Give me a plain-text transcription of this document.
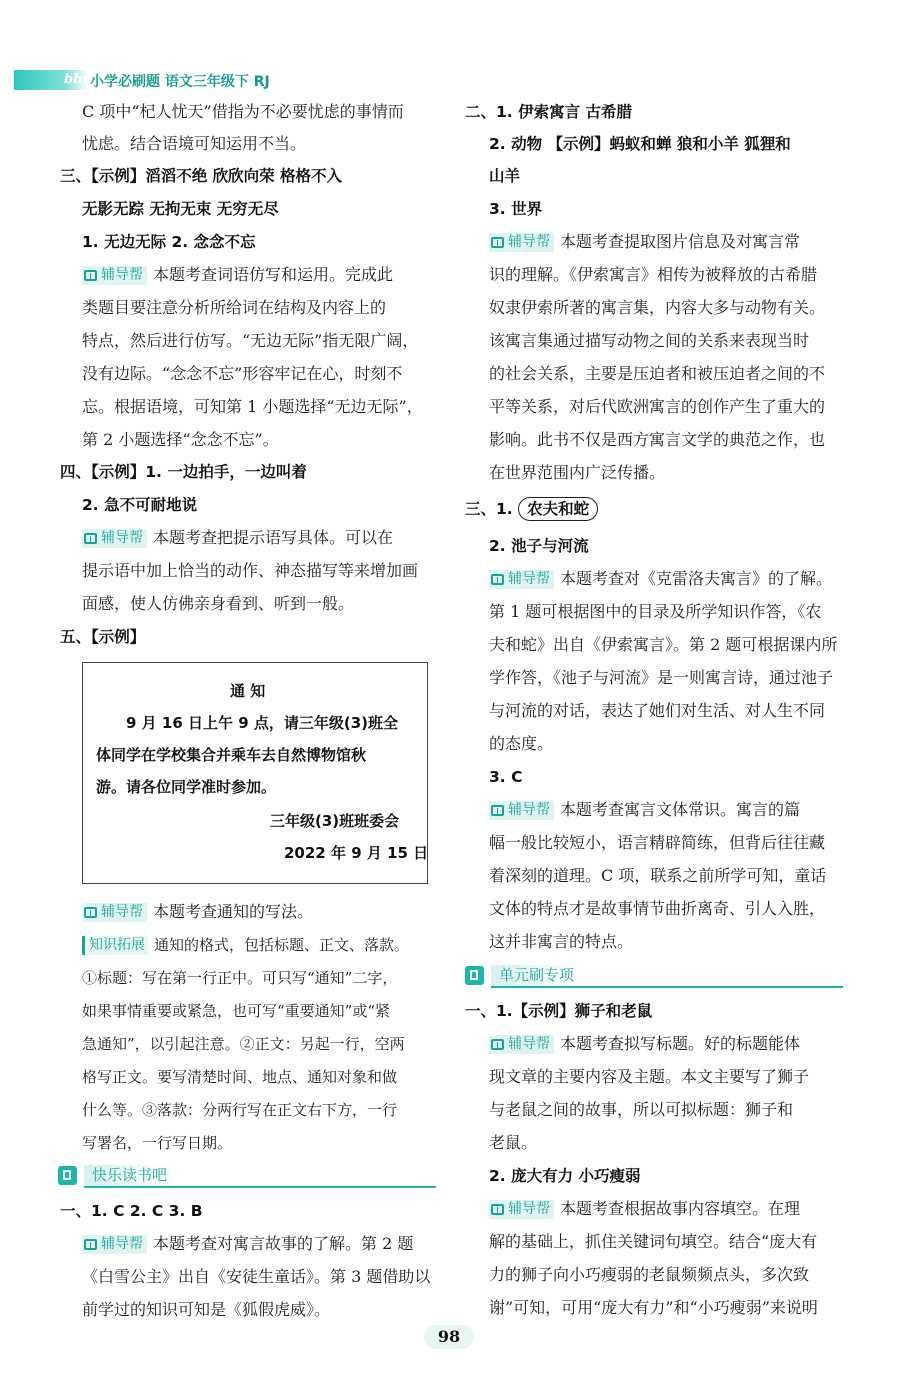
bhr 小学必刷题 语文三年级下 RJ
C 项中“杞人忧天”借指为不必要忧虑的事情而
忧虑。结合语境可知运用不当。
三、【示例】滔滔不绝 欣欣向荣 格格不入
无影无踪 无拘无束 无穷无尽
1. 无边无际 2. 念念不忘
辅导帮 本题考查词语仿写和运用。完成此
类题目要注意分析所给词在结构及内容上的
特点，然后进行仿写。“无边无际”指无限广阔，
没有边际。“念念不忘”形容牢记在心，时刻不
忘。根据语境，可知第 1 小题选择“无边无际”，
第 2 小题选择“念念不忘”。
四、【示例】1. 一边拍手，一边叫着
2. 急不可耐地说
辅导帮 本题考查把提示语写具体。可以在
提示语中加上恰当的动作、神态描写等来增加画
面感，使人仿佛亲身看到、听到一般。
五、【示例】
通 知
9 月 16 日上午 9 点，请三年级(3)班全
体同学在学校集合并乘车去自然博物馆秋
游。请各位同学准时参加。
三年级(3)班班委会
2022 年 9 月 15 日
辅导帮 本题考查通知的写法。
知识拓展 通知的格式，包括标题、正文、落款。
①标题：写在第一行正中。可只写“通知”二字，
如果事情重要或紧急，也可写“重要通知”或“紧
急通知”，以引起注意。②正文：另起一行，空两
格写正文。要写清楚时间、地点、通知对象和做
什么等。③落款：分两行写在正文右下方，一行
写署名，一行写日期。
快乐读书吧
一、1. C 2. C 3. B
辅导帮 本题考查对寓言故事的了解。第 2 题
《白雪公主》出自《安徒生童话》。第 3 题借助以
前学过的知识可知是《狐假虎威》。
二、1. 伊索寓言 古希腊
2. 动物 【示例】蚂蚁和蝉 狼和小羊 狐狸和
山羊
3. 世界
辅导帮 本题考查提取图片信息及对寓言常
识的理解。《伊索寓言》相传为被释放的古希腊
奴隶伊索所著的寓言集，内容大多与动物有关。
该寓言集通过描写动物之间的关系来表现当时
的社会关系，主要是压迫者和被压迫者之间的不
平等关系，对后代欧洲寓言的创作产生了重大的
影响。此书不仅是西方寓言文学的典范之作，也
在世界范围内广泛传播。
三、1. 农夫和蛇
2. 池子与河流
辅导帮 本题考查对《克雷洛夫寓言》的了解。
第 1 题可根据图中的目录及所学知识作答，《农
夫和蛇》出自《伊索寓言》。第 2 题可根据课内所
学作答，《池子与河流》是一则寓言诗，通过池子
与河流的对话，表达了她们对生活、对人生不同
的态度。
3. C
辅导帮 本题考查寓言文体常识。寓言的篇
幅一般比较短小，语言精辟简练，但背后往往藏
着深刻的道理。C 项，联系之前所学可知，童话
文体的特点才是故事情节曲折离奇、引人入胜，
这并非寓言的特点。
单元刷专项
一、1.【示例】狮子和老鼠
辅导帮 本题考查拟写标题。好的标题能体
现文章的主要内容及主题。本文主要写了狮子
与老鼠之间的故事，所以可拟标题：狮子和
老鼠。
2. 庞大有力 小巧瘦弱
辅导帮 本题考查根据故事内容填空。在理
解的基础上，抓住关键词句填空。结合“庞大有
力的狮子向小巧瘦弱的老鼠频频点头，多次致
谢”可知，可用“庞大有力”和“小巧瘦弱”来说明
98
